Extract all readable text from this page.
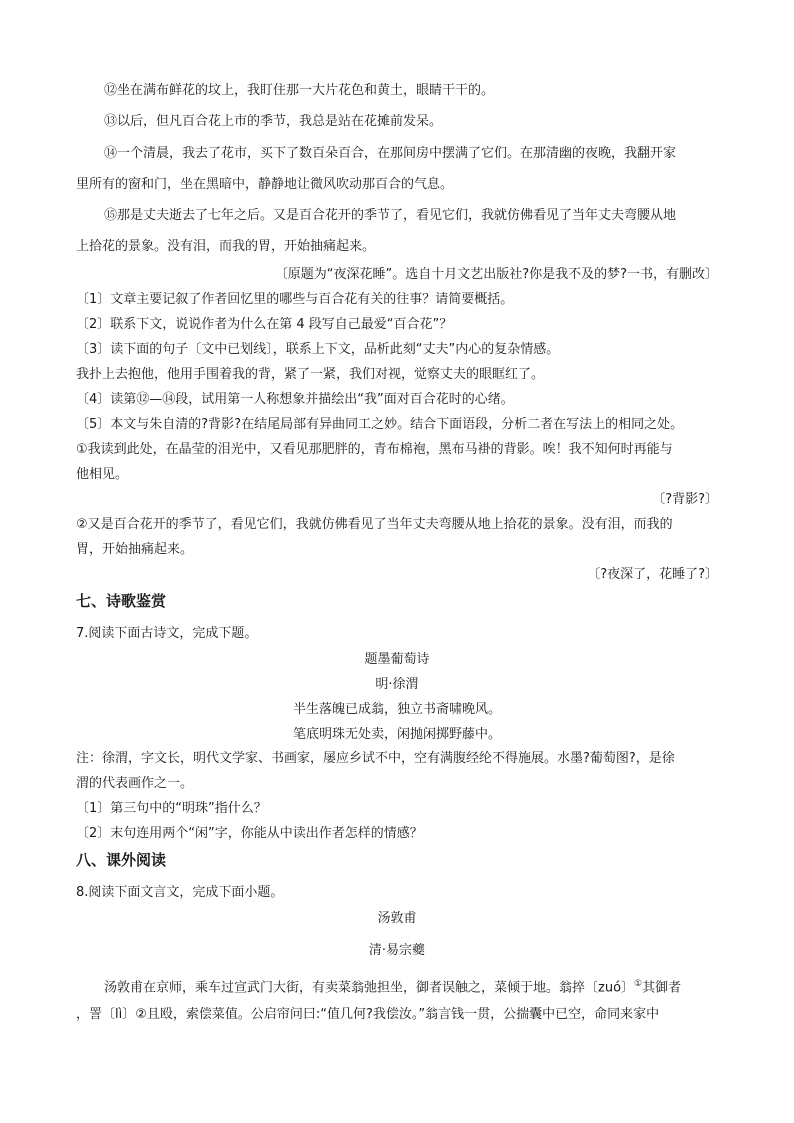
⑫坐在满布鲜花的坟上，我盯住那一大片花色和黄土，眼睛干干的。
⑬以后，但凡百合花上市的季节，我总是站在花摊前发呆。
⑭一个清晨，我去了花市，买下了数百朵百合，在那间房中摆满了它们。在那清幽的夜晚，我翻开家
里所有的窗和门，坐在黑暗中，静静地让微风吹动那百合的气息。
⑮那是丈夫逝去了七年之后。又是百合花开的季节了，看见它们，我就仿佛看见了当年丈夫弯腰从地
上拾花的景象。没有泪，而我的胃，开始抽痛起来。
〔原题为“夜深花睡”。选自十月文艺出版社?你是我不及的梦?一书，有删改〕
〔1〕文章主要记叙了作者回忆里的哪些与百合花有关的往事？请简要概括。
〔2〕联系下文，说说作者为什么在第 4 段写自己最爱“百合花”？
〔3〕读下面的句子〔文中已划线〕，联系上下文，品析此刻“丈夫”内心的复杂情感。
我扑上去抱他，他用手围着我的背，紧了一紧，我们对视，觉察丈夫的眼眶红了。
〔4〕读第⑫—⑭段，试用第一人称想象并描绘出“我”面对百合花时的心绪。
〔5〕本文与朱自清的?背影?在结尾局部有异曲同工之妙。结合下面语段，分析二者在写法上的相同之处。
①我读到此处，在晶莹的泪光中，又看见那肥胖的，青布棉袍，黑布马褂的背影。唉！我不知何时再能与
他相见。
〔?背影?〕
②又是百合花开的季节了，看见它们，我就仿佛看见了当年丈夫弯腰从地上拾花的景象。没有泪，而我的
胃，开始抽痛起来。
〔?夜深了，花睡了?〕
七、诗歌鉴赏
7.阅读下面古诗文，完成下题。
题墨葡萄诗
明·徐渭
半生落魄已成翁，独立书斋啸晚风。
笔底明珠无处卖，闲抛闲掷野藤中。
注：徐渭，字文长，明代文学家、书画家，屡应乡试不中，空有满腹经纶不得施展。水墨?葡萄图?，是徐
渭的代表画作之一。
〔1〕第三句中的“明珠”指什么？
〔2〕末句连用两个“闲”字，你能从中读出作者怎样的情感？
八、课外阅读
8.阅读下面文言文，完成下面小题。
汤敦甫
清·易宗夔
汤敦甫在京师，乘车过宣武门大街，有卖菜翁弛担坐，御者误触之，菜倾于地。翁捽〔zuó〕①其御者
，詈〔lì〕②且殴，索偿菜值。公启帘问曰:“值几何?我偿汝。”翁言钱一贯，公揣囊中已空，命同来家中
